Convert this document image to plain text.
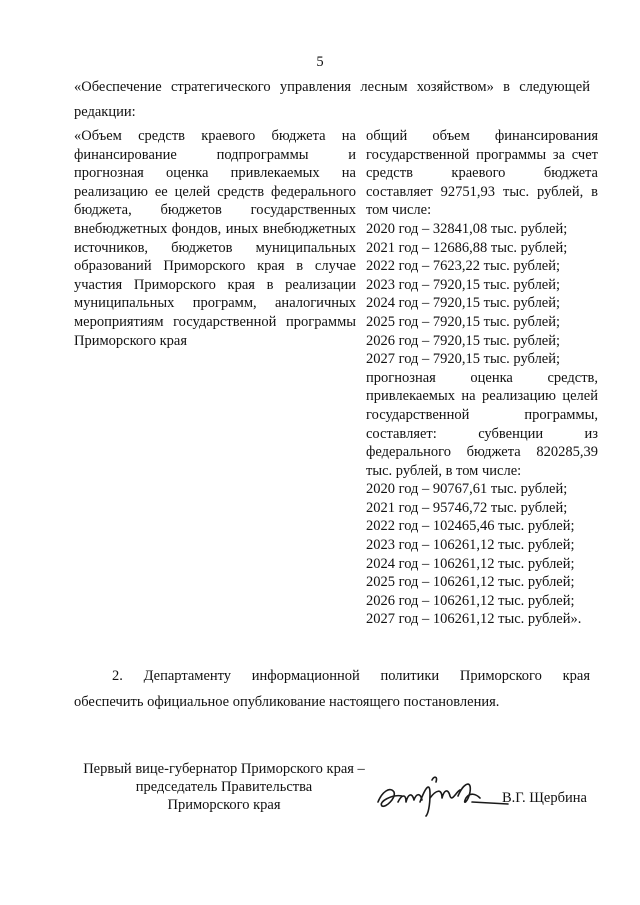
5
«Обеспечение стратегического управления лесным хозяйством» в следующей
редакции:
«Объем средств краевого бюджета на финансирование подпрограммы и прогнозная оценка привлекаемых на реализацию ее целей средств федерального бюджета, бюджетов государственных внебюджетных фондов, иных внебюджетных источников, бюджетов муниципальных образований Приморского края в случае участия Приморского края в реализации муниципальных программ, аналогичных мероприятиям государственной программы Приморского края
общий объем финансирования государственной программы за счет средств краевого бюджета составляет 92751,93 тыс. рублей, в том числе:
2020 год – 32841,08 тыс. рублей;
2021 год – 12686,88 тыс. рублей;
2022 год – 7623,22 тыс. рублей;
2023 год – 7920,15 тыс. рублей;
2024 год – 7920,15 тыс. рублей;
2025 год – 7920,15 тыс. рублей;
2026 год – 7920,15 тыс. рублей;
2027 год – 7920,15 тыс. рублей;
прогнозная оценка средств, привлекаемых на реализацию целей государственной программы, составляет: субвенции из федерального бюджета 820285,39 тыс. рублей, в том числе:
2020 год – 90767,61 тыс. рублей;
2021 год – 95746,72 тыс. рублей;
2022 год – 102465,46 тыс. рублей;
2023 год – 106261,12 тыс. рублей;
2024 год – 106261,12 тыс. рублей;
2025 год – 106261,12 тыс. рублей;
2026 год – 106261,12 тыс. рублей;
2027 год – 106261,12 тыс. рублей».
2. Департаменту информационной политики Приморского края
обеспечить официальное опубликование настоящего постановления.
Первый вице-губернатор Приморского края –
председатель Правительства
Приморского края	В.Г. Щербина
